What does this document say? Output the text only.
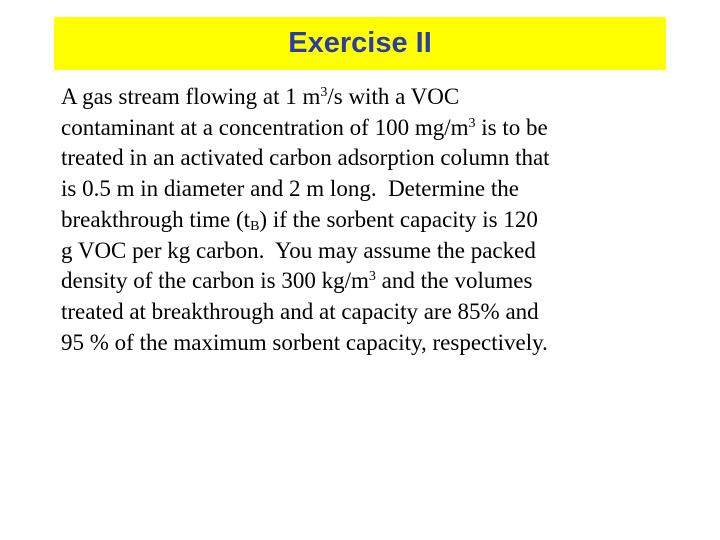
Exercise II
A gas stream flowing at 1 $m^3/s$ with a VOC
contaminant at a concentration of 100 $mg/m^3$ is to be
treated in an activated carbon adsorption column that
is 0.5 m in diameter and 2 m long.  Determine the
breakthrough time $(t_B)$ if the sorbent capacity is 120
g VOC per kg carbon.  You may assume the packed
density of the carbon is 300 $kg/m^3$ and the volumes
treated at breakthrough and at capacity are 85% and
95 % of the maximum sorbent capacity, respectively.
